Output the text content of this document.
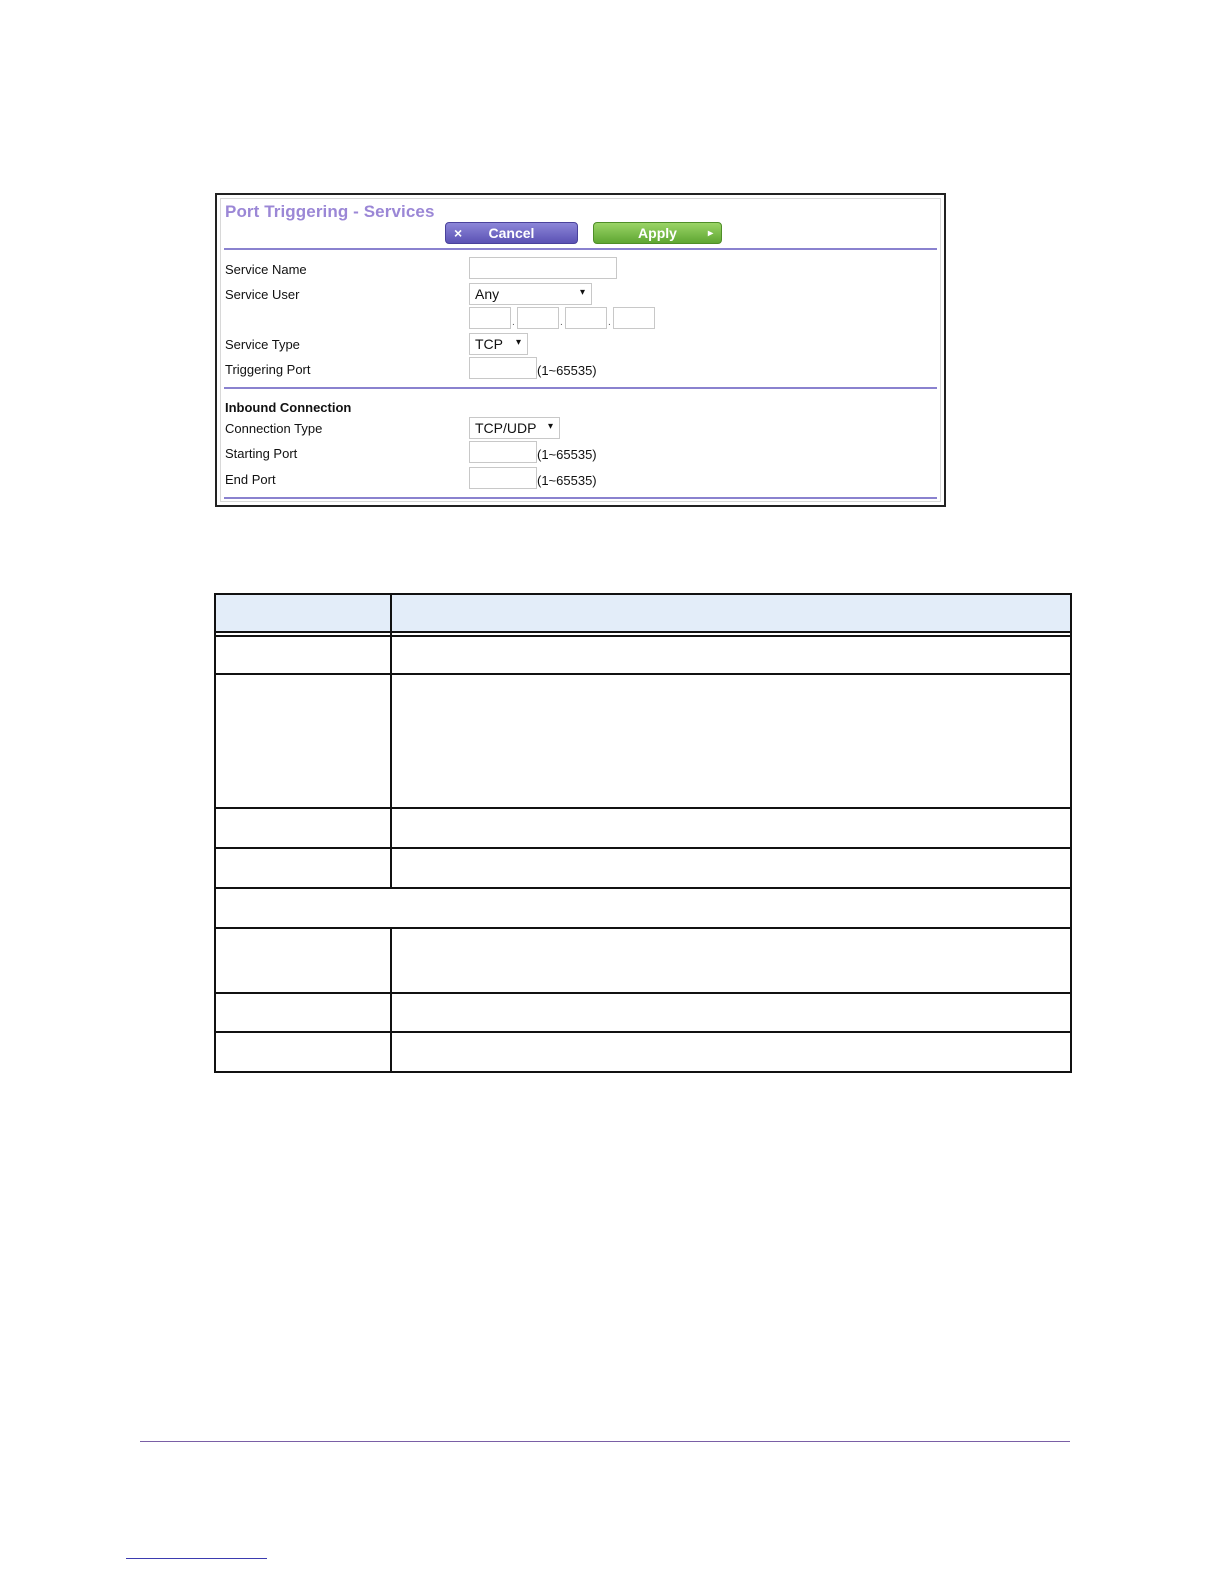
Port Triggering - Services
×	Cancel	Apply	▸
Service Name
Service User	Any	▾
.	.	.
Service Type	TCP ▾
Triggering Port	(1~65535)
Inbound Connection
Connection Type	TCP/UDP ▾
Starting Port	(1~65535)
End Port	(1~65535)
